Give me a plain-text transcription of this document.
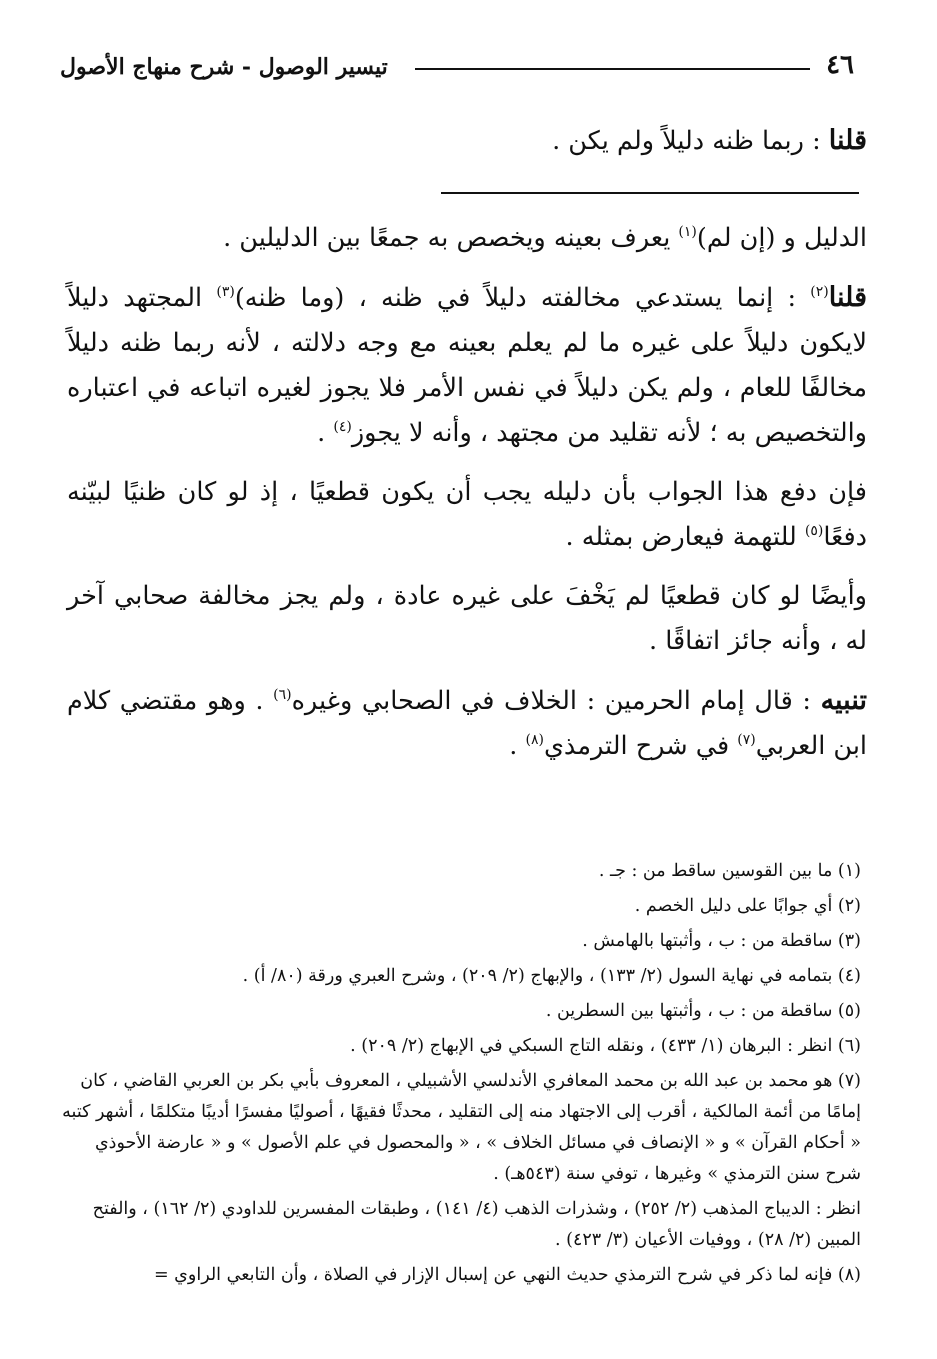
تيسير الوصول - شرح منهاج الأصول	٤٦

قلنا : ربما ظنه دليلاً ولم يكن .

الدليل و (إن لم)$^{(١)}$ يعرف بعينه ويخصص به جمعًا بين الدليلين .

قلنا$^{(٢)}$ : إنما يستدعي مخالفته دليلاً في ظنه ، (وما ظنه)$^{(٣)}$ المجتهد دليلاً لايكون دليلاً على غيره ما لم يعلم بعينه مع وجه دلالته ، لأنه ربما ظنه دليلاً مخالفًا للعام ، ولم يكن دليلاً في نفس الأمر فلا يجوز لغيره اتباعه في اعتباره والتخصيص به ؛ لأنه تقليد من مجتهد ، وأنه لا يجوز$^{(٤)}$ .

فإن دفع هذا الجواب بأن دليله يجب أن يكون قطعيًا ، إذ لو كان ظنيًا لبيّنه دفعًا$^{(٥)}$ للتهمة فيعارض بمثله .

وأيضًا لو كان قطعيًا لم يَخْفَ على غيره عادة ، ولم يجز مخالفة صحابي آخر له ، وأنه جائز اتفاقًا .

تنبيه : قال إمام الحرمين : الخلاف في الصحابي وغيره$^{(٦)}$ . وهو مقتضي كلام ابن العربي$^{(٧)}$ في شرح الترمذي$^{(٨)}$ .

(١) ما بين القوسين ساقط من : جـ .

(٢) أي جوابًا على دليل الخصم .

(٣) ساقطة من : ب ، وأثبتها بالهامش .

(٤) بتمامه في نهاية السول (٢/ ١٣٣) ، والإبهاج (٢/ ٢٠٩) ، وشرح العبري ورقة (٨٠/ أ) .

(٥) ساقطة من : ب ، وأثبتها بين السطرين .

(٦) انظر : البرهان (١/ ٤٣٣) ، ونقله التاج السبكي في الإبهاج (٢/ ٢٠٩) .

(٧) هو محمد بن عبد الله بن محمد المعافري الأندلسي الأشبيلي ، المعروف بأبي بكر بن العربي القاضي ، كان إمامًا من أئمة المالكية ، أقرب إلى الاجتهاد منه إلى التقليد ، محدثًا فقيهًا ، أصوليًا مفسرًا أديبًا متكلمًا ، أشهر كتبه « أحكام القرآن » و « الإنصاف في مسائل الخلاف » ، « والمحصول في علم الأصول » و « عارضة الأحوذي شرح سنن الترمذي » وغيرها ، توفي سنة (٥٤٣هـ) .

انظر : الديباج المذهب (٢/ ٢٥٢) ، وشذرات الذهب (٤/ ١٤١) ، وطبقات المفسرين للداودي (٢/ ١٦٢) ، والفتح المبين (٢/ ٢٨) ، ووفيات الأعيان (٣/ ٤٢٣) .

(٨) فإنه لما ذكر في شرح الترمذي حديث النهي عن إسبال الإزار في الصلاة ، وأن التابعي الراوي =
